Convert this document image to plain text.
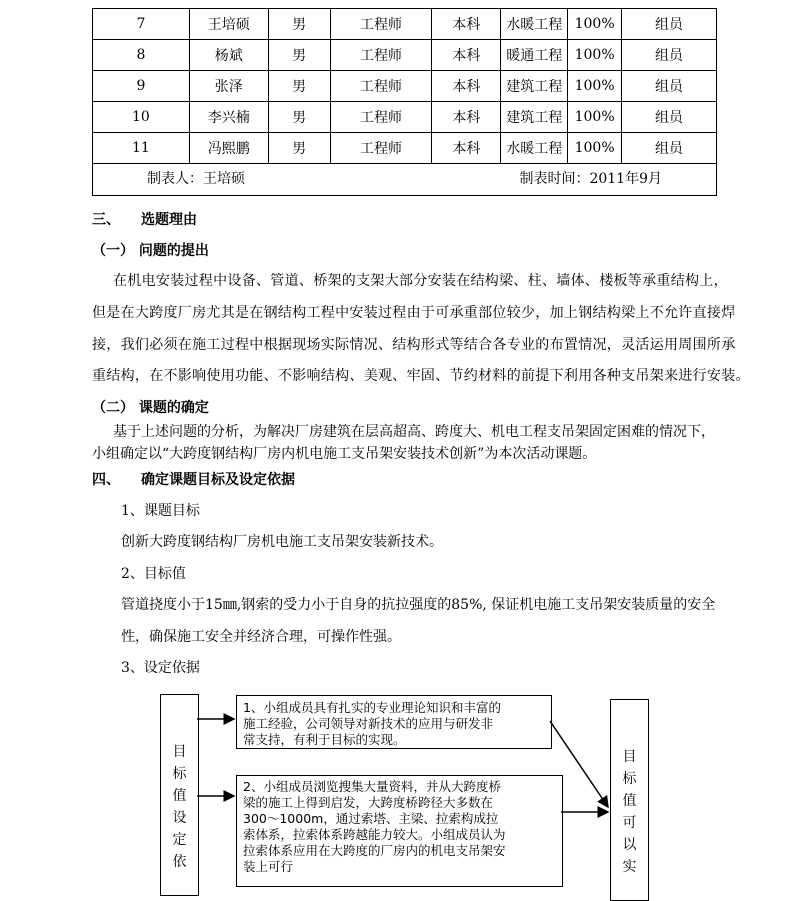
7	王培硕	男	工程师	本科	水暖工程	100%	组员
8	杨斌	男	工程师	本科	暖通工程	100%	组员
9	张泽	男	工程师	本科	建筑工程	100%	组员
10	李兴楠	男	工程师	本科	建筑工程	100%	组员
11	冯熙鹏	男	工程师	本科	水暖工程	100%	组员

制表人：王培硕 制表时间：2011年9月							
三、 选题理由
（一） 问题的提出
在机电安装过程中设备、管道、桥架的支架大部分安装在结构梁、柱、墙体、楼板等承重结构上，
但是在大跨度厂房尤其是在钢结构工程中安装过程由于可承重部位较少，加上钢结构梁上不允许直接焊
接，我们必须在施工过程中根据现场实际情况、结构形式等结合各专业的布置情况，灵活运用周围所承
重结构，在不影响使用功能、不影响结构、美观、牢固、节约材料的前提下利用各种支吊架来进行安装。
（二） 课题的确定
基于上述问题的分析，为解决厂房建筑在层高超高、跨度大、机电工程支吊架固定困难的情况下，
小组确定以“大跨度钢结构厂房内机电施工支吊架安装技术创新”为本次活动课题。
四、 确定课题目标及设定依据
1、课题目标
创新大跨度钢结构厂房机电施工支吊架安装新技术。
2、目标值
管道挠度小于15㎜,钢索的受力小于自身的抗拉强度的85%, 保证机电施工支吊架安装质量的安全
性，确保施工安全并经济合理，可操作性强。
3、设定依据
目
标
值
设
定
依
目
标
值
可
以
实
1、小组成员具有扎实的专业理论知识和丰富的
施工经验，公司领导对新技术的应用与研发非
常支持，有利于目标的实现。
2、小组成员浏览搜集大量资料，并从大跨度桥
梁的施工上得到启发，大跨度桥跨径大多数在
300～1000m，通过索塔、主梁、拉索构成拉
索体系，拉索体系跨越能力较大。小组成员认为
拉索体系应用在大跨度的厂房内的机电支吊架安
装上可行
